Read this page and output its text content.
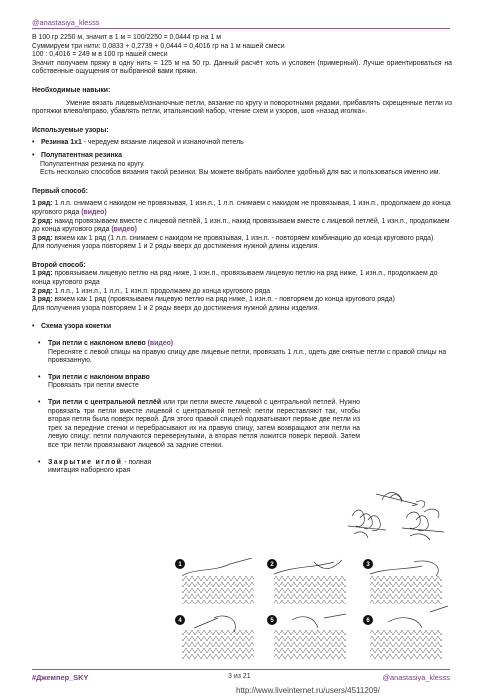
@anastasiya_klesss

В 100 гр 2250 м, значит в 1 м = 100/2250 = 0,0444 гр на 1 м

Суммируем три нити: 0,0833 + 0,2739 + 0,0444 = 0,4016 гр на 1 м нашей смеси

100 : 0,4016 = 249 м в 100 гр нашей смеси

Значит получаем пряжу в одну нить = 125 м на 50 гр. Данный расчёт хоть и условен (примерный). Лучше ориентироваться на собственные ощущения от выбранной вами пряжи.

Необходимые навыки:

Умение вязать лицевые/изнаночные петли, вязание по кругу и поворотными рядами, прибавлять скрещенные петли из протяжки влево/вправо, убавлять петли, итальянский набор, чтение схем и узоров, шов «назад иголка».

Используемые узоры:

• Резинка 1х1 - чередуем вязание лицевой и изнаночной петель

• Полупатентная резинка

Полупатентная резинка по кругу.

Есть несколько способов вязания такой резинки. Вы можете выбрать наиболее удобный для вас и пользоваться именно им.

Первый способ:

1 ряд: 1 л.п. снимаем с накидом не провязывая, 1 изн.п., 1 л.п. снимаем с накидом не провязывая, 1 изн.п., продолжаем до конца кругового ряда (видео)

2 ряд: накид провязываем вместе с лицевой петлёй, 1 изн.п., накид провязываем вместе с лицевой петлёй, 1 изн.п., продолжаем до конца кругового ряда (видео)

3 ряд: вяжем как 1 ряд (1 л.п. снимаем с накидом не провязывая, 1 изн.п. - повторяем комбинацию до конца кругового ряда)

Для получения узора повторяем 1 и 2 ряды вверх до достижения нужной длины изделия.

Второй способ:

1 ряд: провязываем лицевую петлю на ряд ниже, 1 изн.п., провязываем лицевую петлю на ряд ниже, 1 изн.п., продолжаем до конца кругового ряда

2 ряд: 1 л.п., 1 изн.п., 1 л.п., 1 изн.п. продолжаем до конца кругового ряда

3 ряд: вяжем как 1 ряд (провязываем лицевую петлю на ряд ниже, 1 изн.п. - повторяем до конца кругового ряда)

Для получения узора повторяем 1 и 2 ряды вверх до достижения нужной длины изделия.

• Схема узора кокетки

• Три петли с наклоном влево (видео)

Пересняте с левой спицы на правую спицу две лицевые петли, провязать 1 л.п., одеть две снятые петли с правой спицы на провязанную.

• Три петли с наклоном вправо

Провязать три петли вместе

• Три петли с центральной петлёй или три петли вместе лицевой с центральной петлей. Нужно провязать три петли вместе лицевой с центральной петлей: петли переставляют так, чтобы вторая петля была поверх первой. Для этого правой спицей подхватывают первые две петли из трех за передние стенки и перебрасывают их на правую спицу, затем возвращают эти петли на левую спицу: петли получаются перевернутыми, а вторая петля ложится поверх первой. Затем все три петли провязывают лицевой за задние стенки.

• Закрытие иглой - полная

имитация наборного края

1	2	3
4	5	6
#Джемпер_SKY	3 из 21	@anastasiya_klesss
http://www.liveinternet.ru/users/4511209/
